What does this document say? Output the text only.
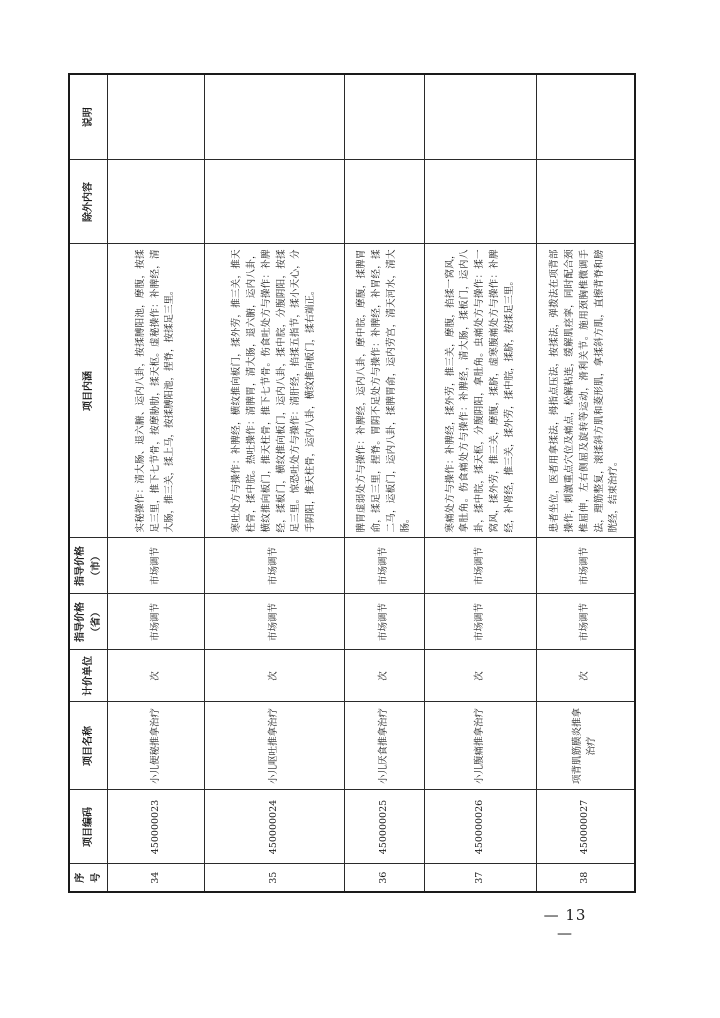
序号	项目编码	项目名称	计价单位	指导价格（省）	指导价格（市）	项目内涵	除外内容	说明
34	450000023	小儿便秘推拿治疗	次	市场调节	市场调节	实秘操作：清大肠、退六腑、运内八卦，按揉膊阳池，摩腹，按揉足三里，推下七节骨，按摩胁肋，揉天枢。虚秘操作：补脾经，清大肠，推三关，揉上马，按揉膊阳池，捏脊，按揉足三里。		
35	450000024	小儿呕吐推拿治疗	次	市场调节	市场调节	寒吐处方与操作：补脾经，横纹推向板门，揉外劳，推三关，推天柱骨，揉中脘。热吐操作：清脾胃，清大肠，退六腑，运内八卦，横纹推向板门，推天柱骨，推下七节骨。伤食吐处方与操作：补脾经，揉板门，横纹推向板门，运内八卦，揉中脘，分腹阴阳，按揉足三里。惊恐吐处方与操作：清肝经，掐揉五指节，揉小天心，分手阴阳，推天柱骨，运内八卦，横纹推向板门，揉右端正。		
36	450000025	小儿厌食推拿治疗	次	市场调节	市场调节	脾胃虚弱处方与操作：补脾经，运内八卦，摩中脘，摩腹，揉脾胃俞，揉足三里，捏脊。胃阴不足处方与操作：补脾经，补胃经，揉二马，运板门，运内八卦，揉脾胃俞，运内劳宫，清天河水，清大肠。		
37	450000026	小儿腹痛推拿治疗	次	市场调节	市场调节	寒痛处方与操作：补脾经，揉外劳，推三关，摩腹，掐揉一窝风，拿肚角。伤食痛处方与操作：补脾经，清大肠，揉板门，运内八卦，揉中脘，揉天枢，分腹阴阳，拿肚角。虫痛处方与操作：揉一窝风，揉外劳，推三关，摩腹，揉脐，虚寒腹痛处方与操作：补脾经，补肾经，推三关，揉外劳，揉中脘，揉脐，按揉足三里。		
38	450000027	项背肌筋膜炎推拿治疗	次	市场调节	市场调节	患者坐位，医者用拿揉法，拇指点压法，按揉法，弹拨法在项背部操作，刺激重点穴位及痛点，松解粘连，缓解肌痉挛，同时配合颈椎屈伸，左右侧屈及旋转等运动，滑利关节。施用颈胸椎微调手法，理筋整复，滚揉斜方肌和菱形肌，拿揉斜方肌，直擦背脊和膀胱经，结束治疗。		
— 13 —
